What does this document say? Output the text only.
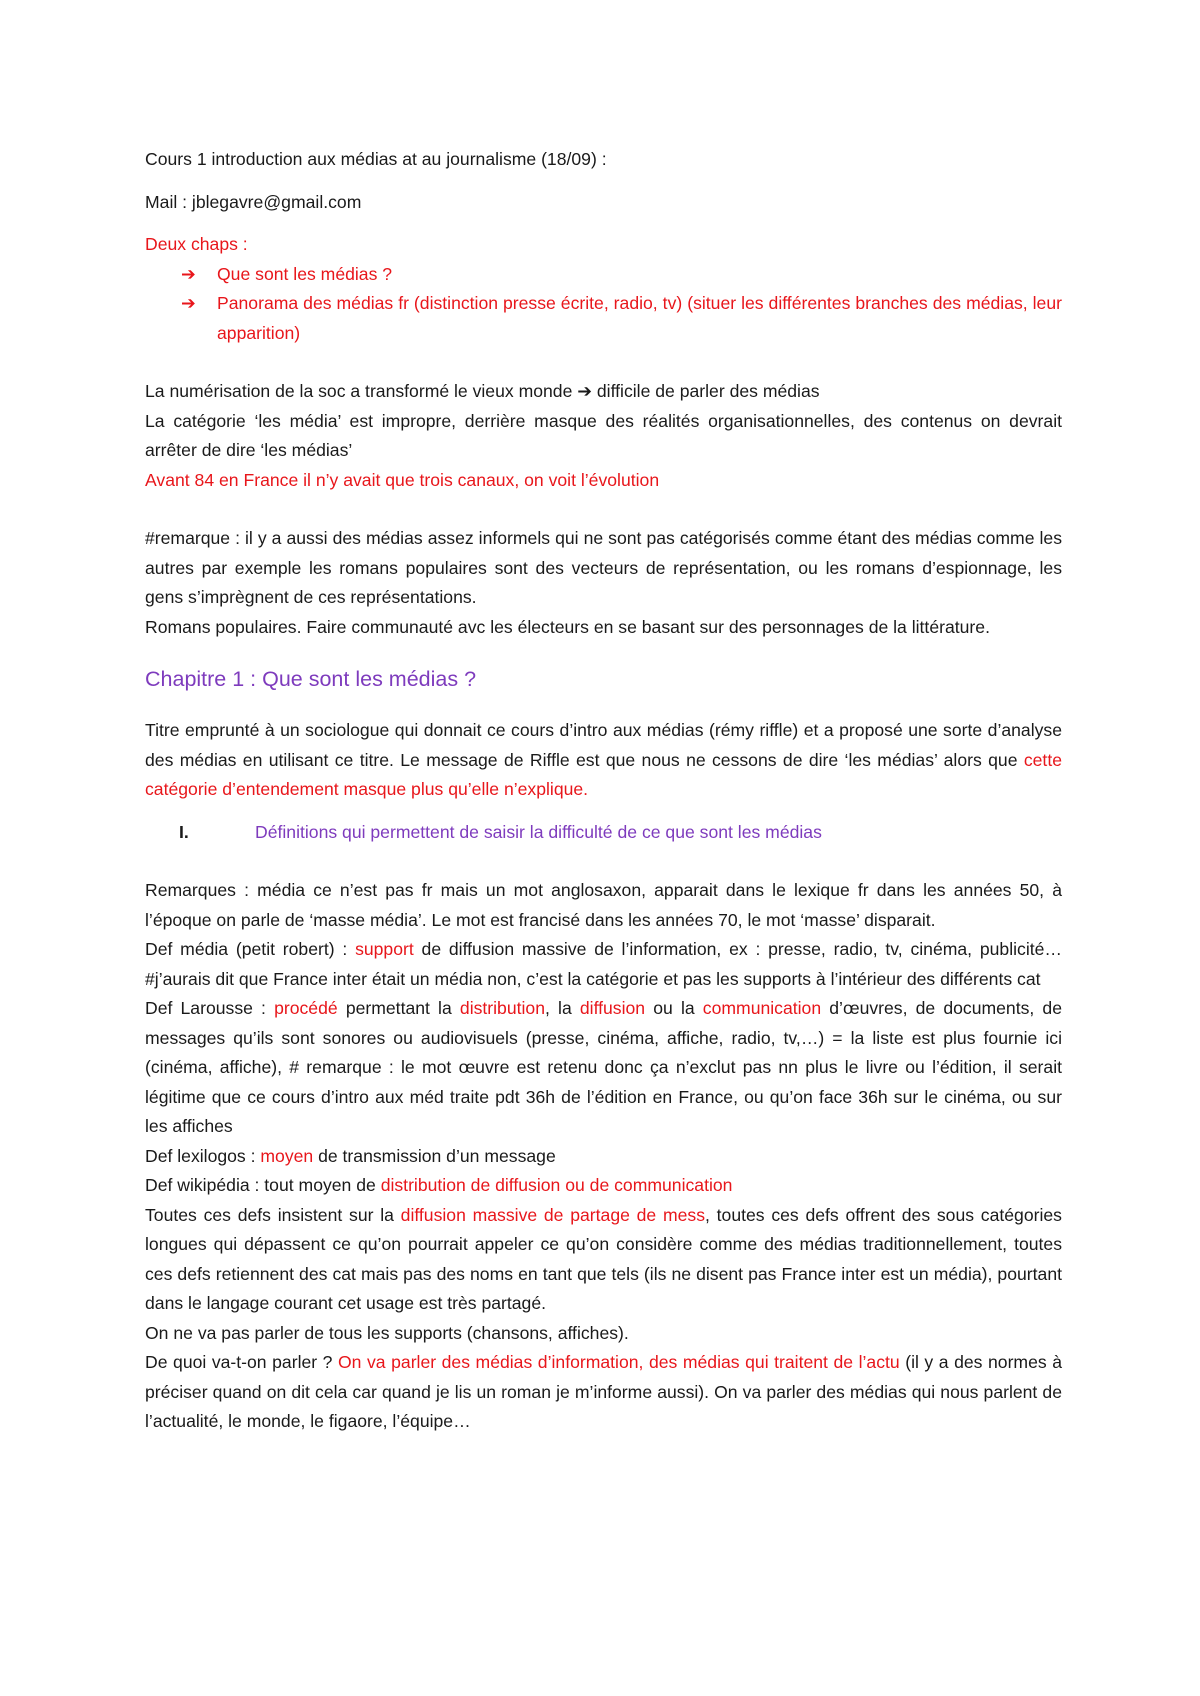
Cours 1 introduction aux médias at au journalisme (18/09) :

Mail : jblegavre@gmail.com

Deux chaps :

➔ Que sont les médias ?
➔ Panorama des médias fr (distinction presse écrite, radio, tv) (situer les différentes branches des médias, leur apparition)

La numérisation de la soc a transformé le vieux monde ➔ difficile de parler des médias

La catégorie ‘les média’ est impropre, derrière masque des réalités organisationnelles, des contenus on devrait arrêter de dire ‘les médias’

Avant 84 en France il n’y avait que trois canaux, on voit l’évolution

#remarque : il y a aussi des médias assez informels qui ne sont pas catégorisés comme étant des médias comme les autres par exemple les romans populaires sont des vecteurs de représentation, ou les romans d’espionnage, les gens s’imprègnent de ces représentations.

Romans populaires. Faire communauté avc les électeurs en se basant sur des personnages de la littérature.

Chapitre 1 : Que sont les médias ?

Titre emprunté à un sociologue qui donnait ce cours d’intro aux médias (rémy riffle) et a proposé une sorte d’analyse des médias en utilisant ce titre. Le message de Riffle est que nous ne cessons de dire ‘les médias’ alors que cette catégorie d’entendement masque plus qu’elle n’explique.

I.	Définitions qui permettent de saisir la difficulté de ce que sont les médias

Remarques : média ce n’est pas fr mais un mot anglosaxon, apparait dans le lexique fr dans les années 50, à l’époque on parle de ‘masse média’. Le mot est francisé dans les années 70, le mot ‘masse’ disparait.

Def média (petit robert) : support de diffusion massive de l’information, ex : presse, radio, tv, cinéma, publicité… #j’aurais dit que France inter était un média non, c’est la catégorie et pas les supports à l’intérieur des différents cat

Def Larousse : procédé permettant la distribution, la diffusion ou la communication d’œuvres, de documents, de messages qu’ils sont sonores ou audiovisuels (presse, cinéma, affiche, radio, tv,…) = la liste est plus fournie ici (cinéma, affiche), # remarque : le mot œuvre est retenu donc ça n’exclut pas nn plus le livre ou l’édition, il serait légitime que ce cours d’intro aux méd traite pdt 36h de l’édition en France, ou qu’on face 36h sur le cinéma, ou sur les affiches

Def lexilogos : moyen de transmission d’un message

Def wikipédia : tout moyen de distribution de diffusion ou de communication

Toutes ces defs insistent sur la diffusion massive de partage de mess, toutes ces defs offrent des sous catégories longues qui dépassent ce qu’on pourrait appeler ce qu’on considère comme des médias traditionnellement, toutes ces defs retiennent des cat mais pas des noms en tant que tels (ils ne disent pas France inter est un média), pourtant dans le langage courant cet usage est très partagé.

On ne va pas parler de tous les supports (chansons, affiches).

De quoi va-t-on parler ? On va parler des médias d’information, des médias qui traitent de l’actu (il y a des normes à préciser quand on dit cela car quand je lis un roman je m’informe aussi). On va parler des médias qui nous parlent de l’actualité, le monde, le figaore, l’équipe…
